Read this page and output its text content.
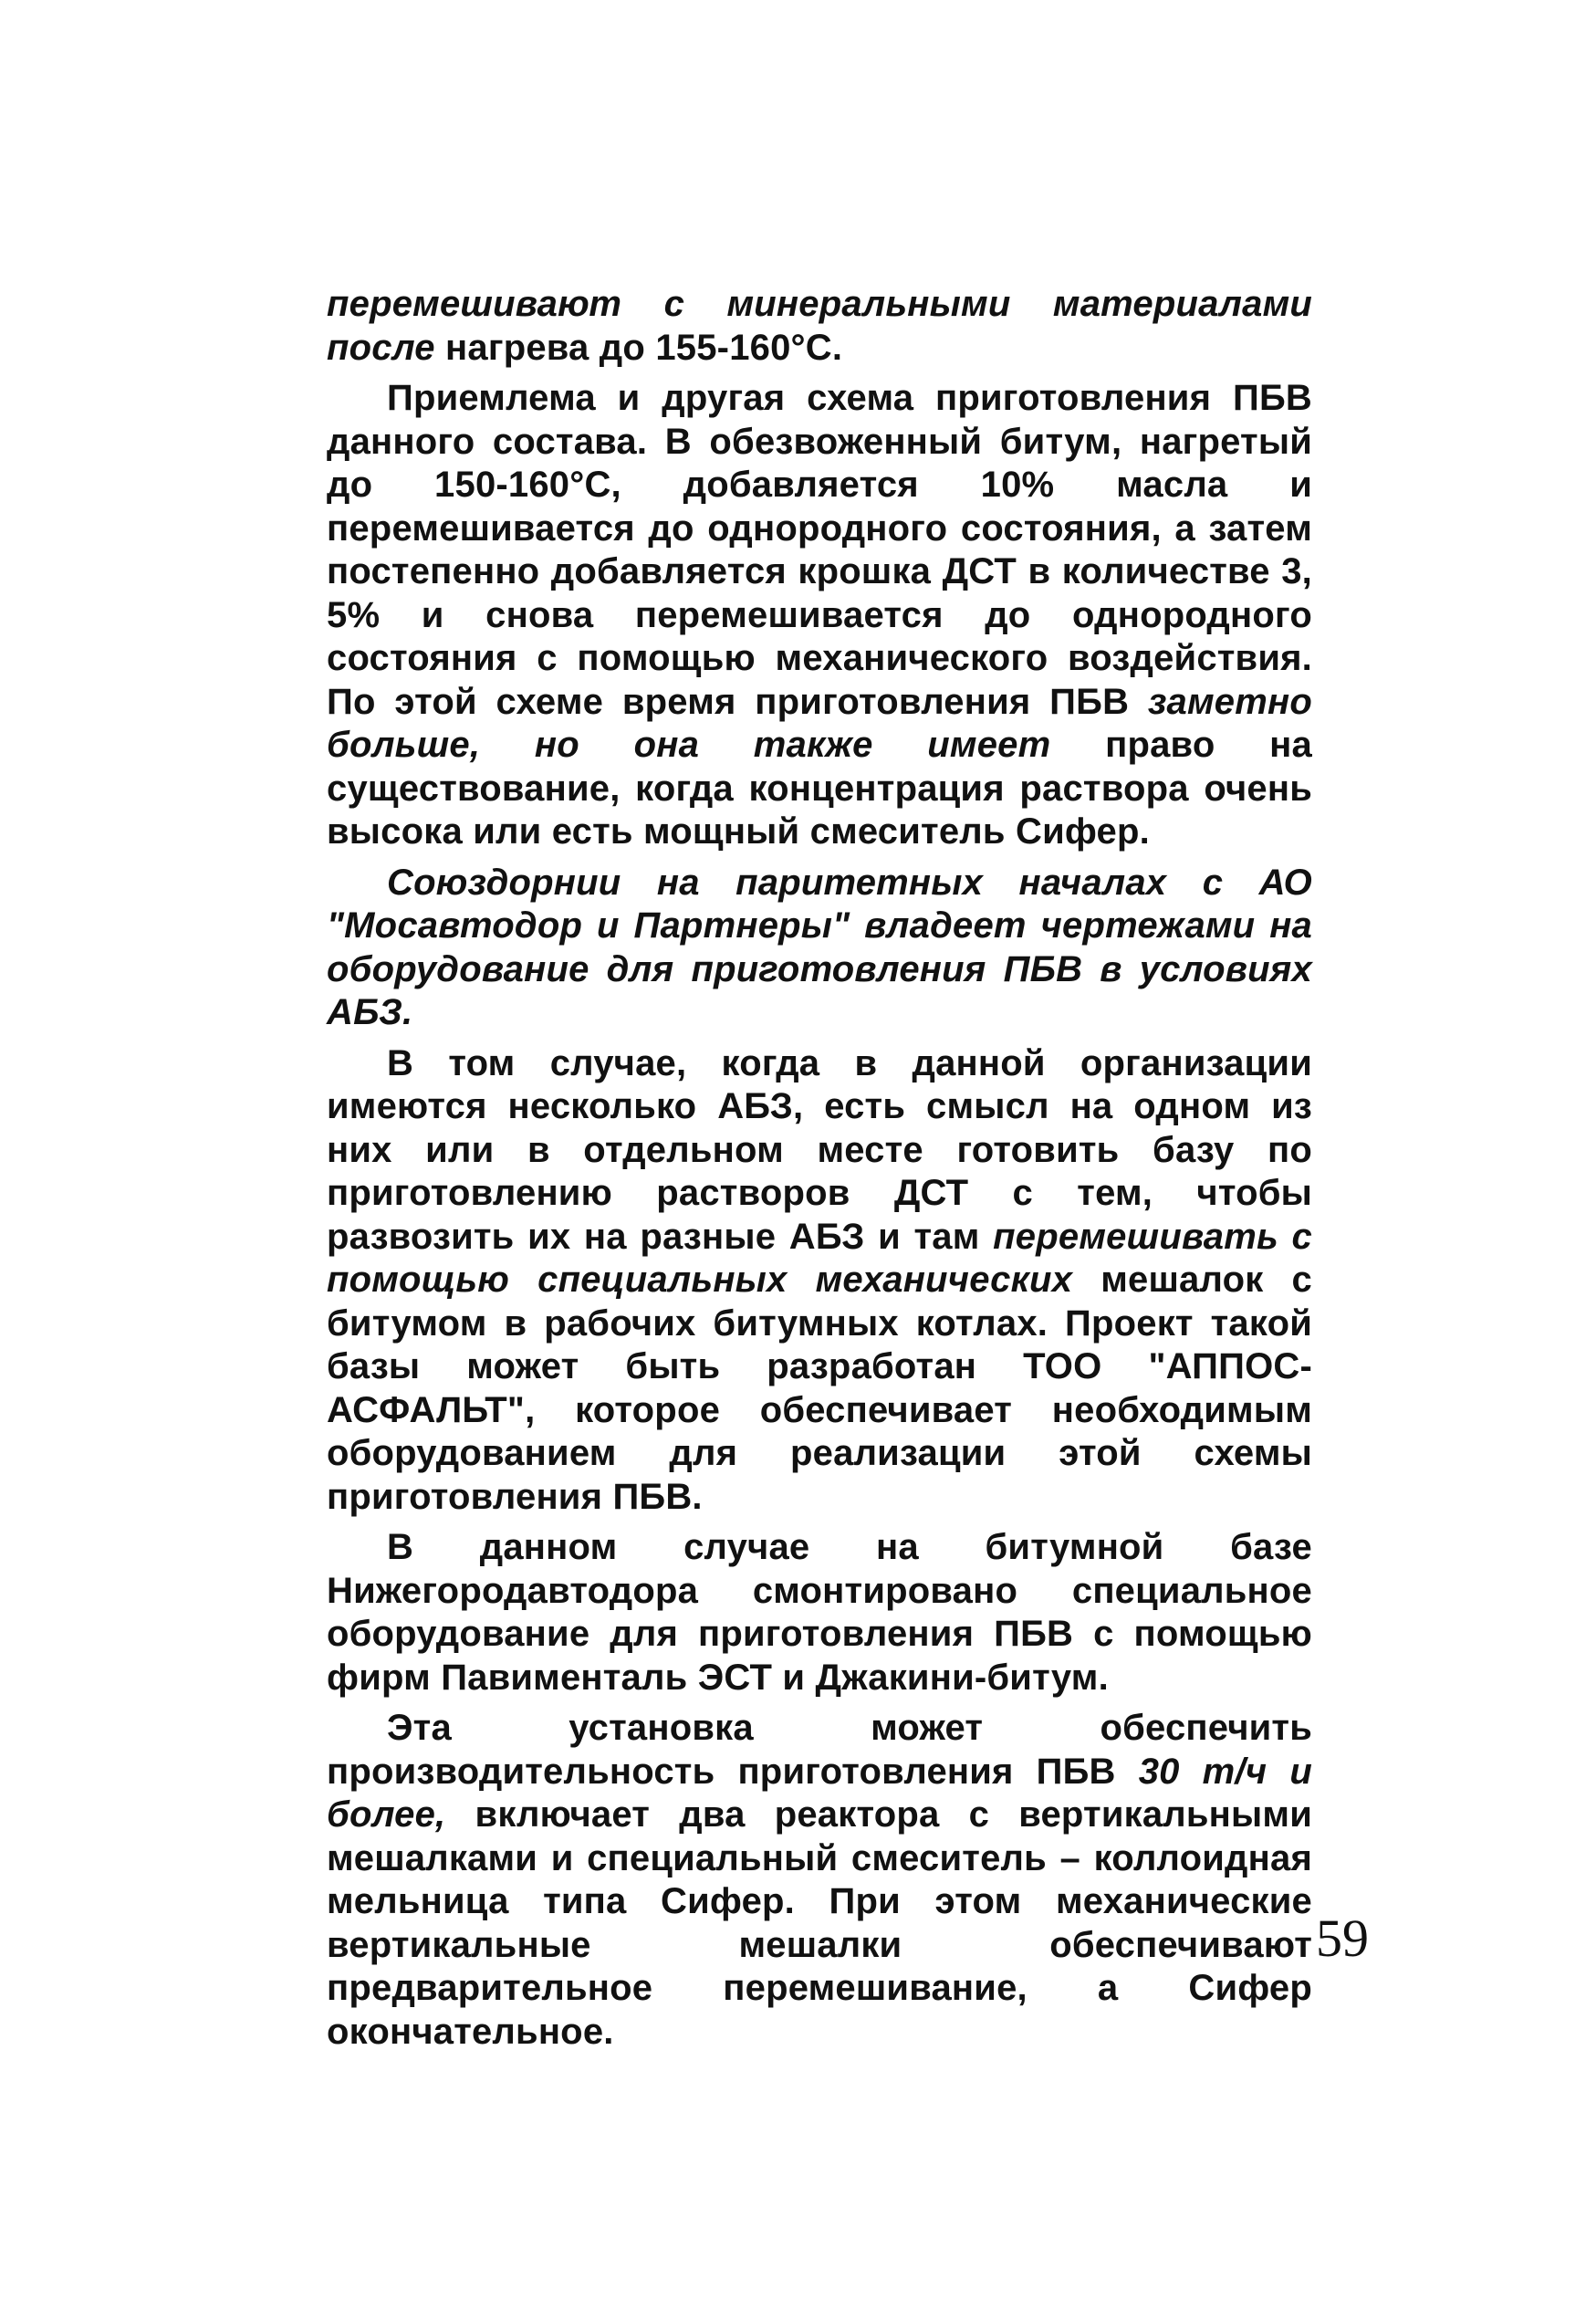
перемешивают с минеральными материалами после нагрева до 155-160°С.

Приемлема и другая схема приготовления ПБВ данного состава. В обезвоженный битум, нагретый до 150-160°С, добавляется 10% масла и перемешивается до однородного состояния, а затем постепенно добавляется крошка ДСТ в количестве 3, 5% и снова перемешивается до однородного состояния с помощью механического воздействия. По этой схеме время приготовления ПБВ заметно больше, но она также имеет право на существование, когда концентрация раствора очень высока или есть мощный смеситель Сифер.

Союздорнии на паритетных началах с АО "Мосавтодор и Партнеры" владеет чертежами на оборудование для приготовления ПБВ в условиях АБЗ.

В том случае, когда в данной организации имеются несколько АБЗ, есть смысл на одном из них или в отдельном месте готовить базу по приготовлению растворов ДСТ с тем, чтобы развозить их на разные АБЗ и там перемешивать с помощью специальных механических мешалок с битумом в рабочих битумных котлах. Проект такой базы может быть разработан ТОО "АППОС-АСФАЛЬТ", которое обеспечивает необходимым оборудованием для реализации этой схемы приготовления ПБВ.

В данном случае на битумной базе Нижегородавтодора смонтировано специальное оборудование для приготовления ПБВ с помощью фирм Павименталь ЭСТ и Джакини-битум.

Эта установка может обеспечить производительность приготовления ПБВ 30 т/ч и более, включает два реактора с вертикальными мешалками и специальный смеситель – коллоидная мельница типа Сифер. При этом механические вертикальные мешалки обеспечивают предварительное перемешивание, а Сифер окончательное.

59
